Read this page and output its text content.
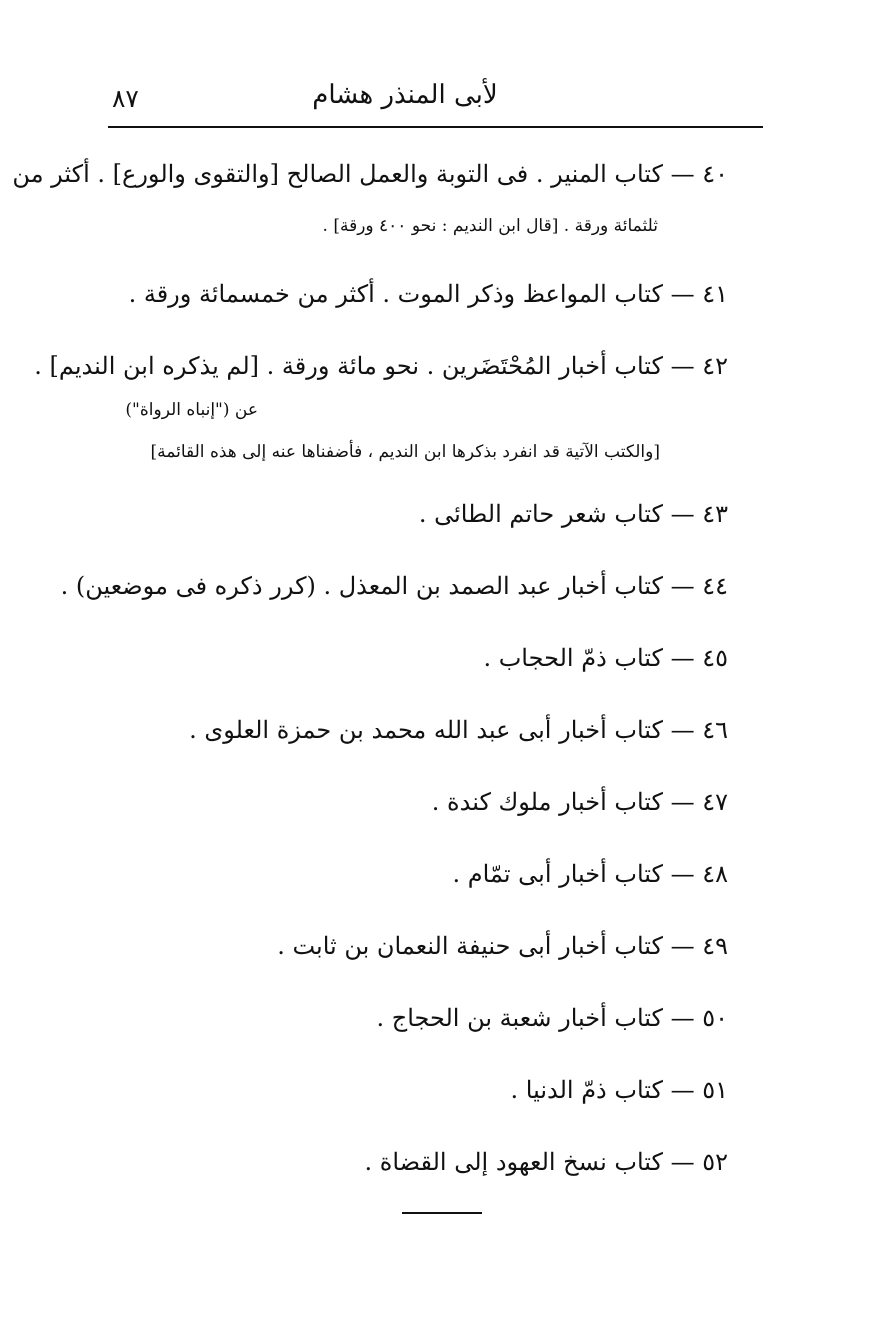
لأبى المنذر هشام
٨٧
٤٠ — كتاب المنير . فى التوبة والعمل الصالح [والتقوى والورع] . أكثر من
ثلثمائة ورقة . [قال ابن النديم : نحو ٤٠٠ ورقة] .
٤١ — كتاب المواعظ وذكر الموت . أكثر من خمسمائة ورقة .
٤٢ — كتاب أخبار المُحْتَضَرين . نحو مائة ورقة . [لم يذكره ابن النديم] .
عن ("إنباه الرواة")
[والكتب الآتية قد انفرد بذكرها ابن النديم ، فأضفناها عنه إلى هذه القائمة]
٤٣ — كتاب شعر حاتم الطائى .
٤٤ — كتاب أخبار عبد الصمد بن المعذل . (كرر ذكره فى موضعين) .
٤٥ — كتاب ذمّ الحجاب .
٤٦ — كتاب أخبار أبى عبد الله محمد بن حمزة العلوى .
٤٧ — كتاب أخبار ملوك كندة .
٤٨ — كتاب أخبار أبى تمّام .
٤٩ — كتاب أخبار أبى حنيفة النعمان بن ثابت .
٥٠ — كتاب أخبار شعبة بن الحجاج .
٥١ — كتاب ذمّ الدنيا .
٥٢ — كتاب نسخ العهود إلى القضاة .
